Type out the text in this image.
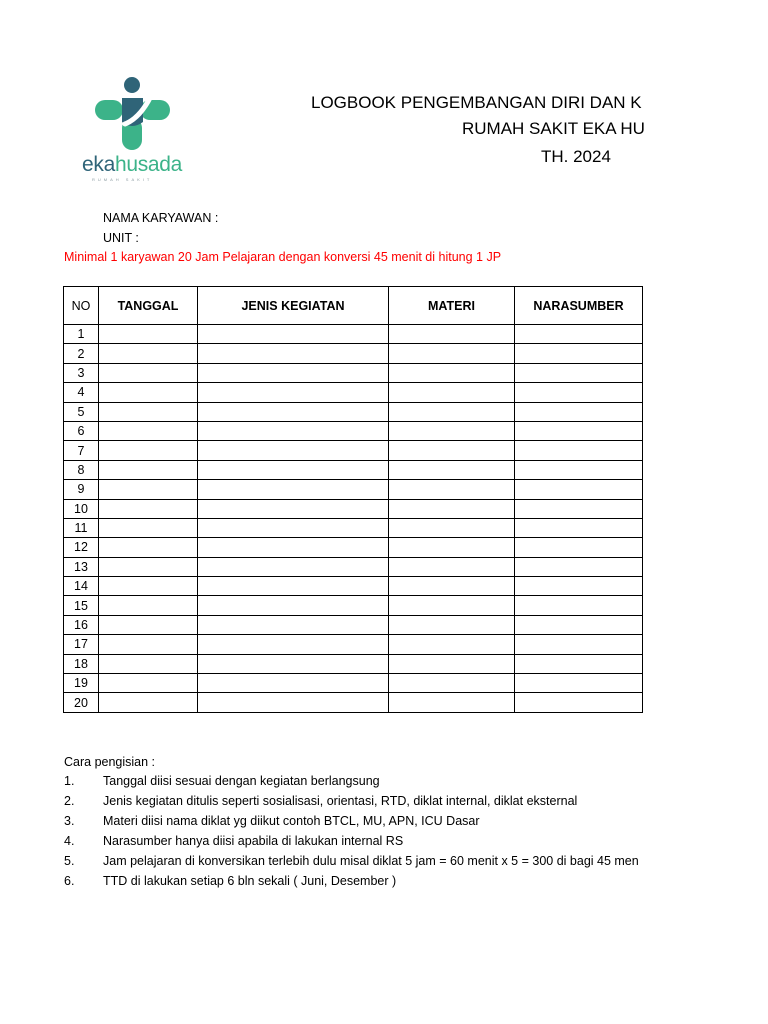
ekahusada
RUMAH SAKIT
LOGBOOK PENGEMBANGAN DIRI DAN K
RUMAH SAKIT EKA HU
TH. 2024
NAMA KARYAWAN :
UNIT :
Minimal 1 karyawan 20 Jam Pelajaran dengan konversi 45 menit di hitung 1 JP
NO	TANGGAL	JENIS KEGIATAN	MATERI	NARASUMBER
1				
2				
3				
4				
5				
6				
7				
8				
9				
10				
11				
12				
13				
14				
15				
16				
17				
18				
19				
20				
Cara pengisian :
1. Tanggal diisi sesuai dengan kegiatan berlangsung
2. Jenis kegiatan ditulis seperti sosialisasi, orientasi, RTD, diklat internal, diklat eksternal
3. Materi diisi nama diklat yg diikut contoh BTCL, MU, APN, ICU Dasar
4. Narasumber hanya diisi apabila di lakukan internal RS
5. Jam pelajaran di konversikan terlebih dulu misal diklat 5 jam = 60 menit x 5 = 300 di bagi 45 men
6. TTD di lakukan setiap 6 bln sekali ( Juni, Desember )
